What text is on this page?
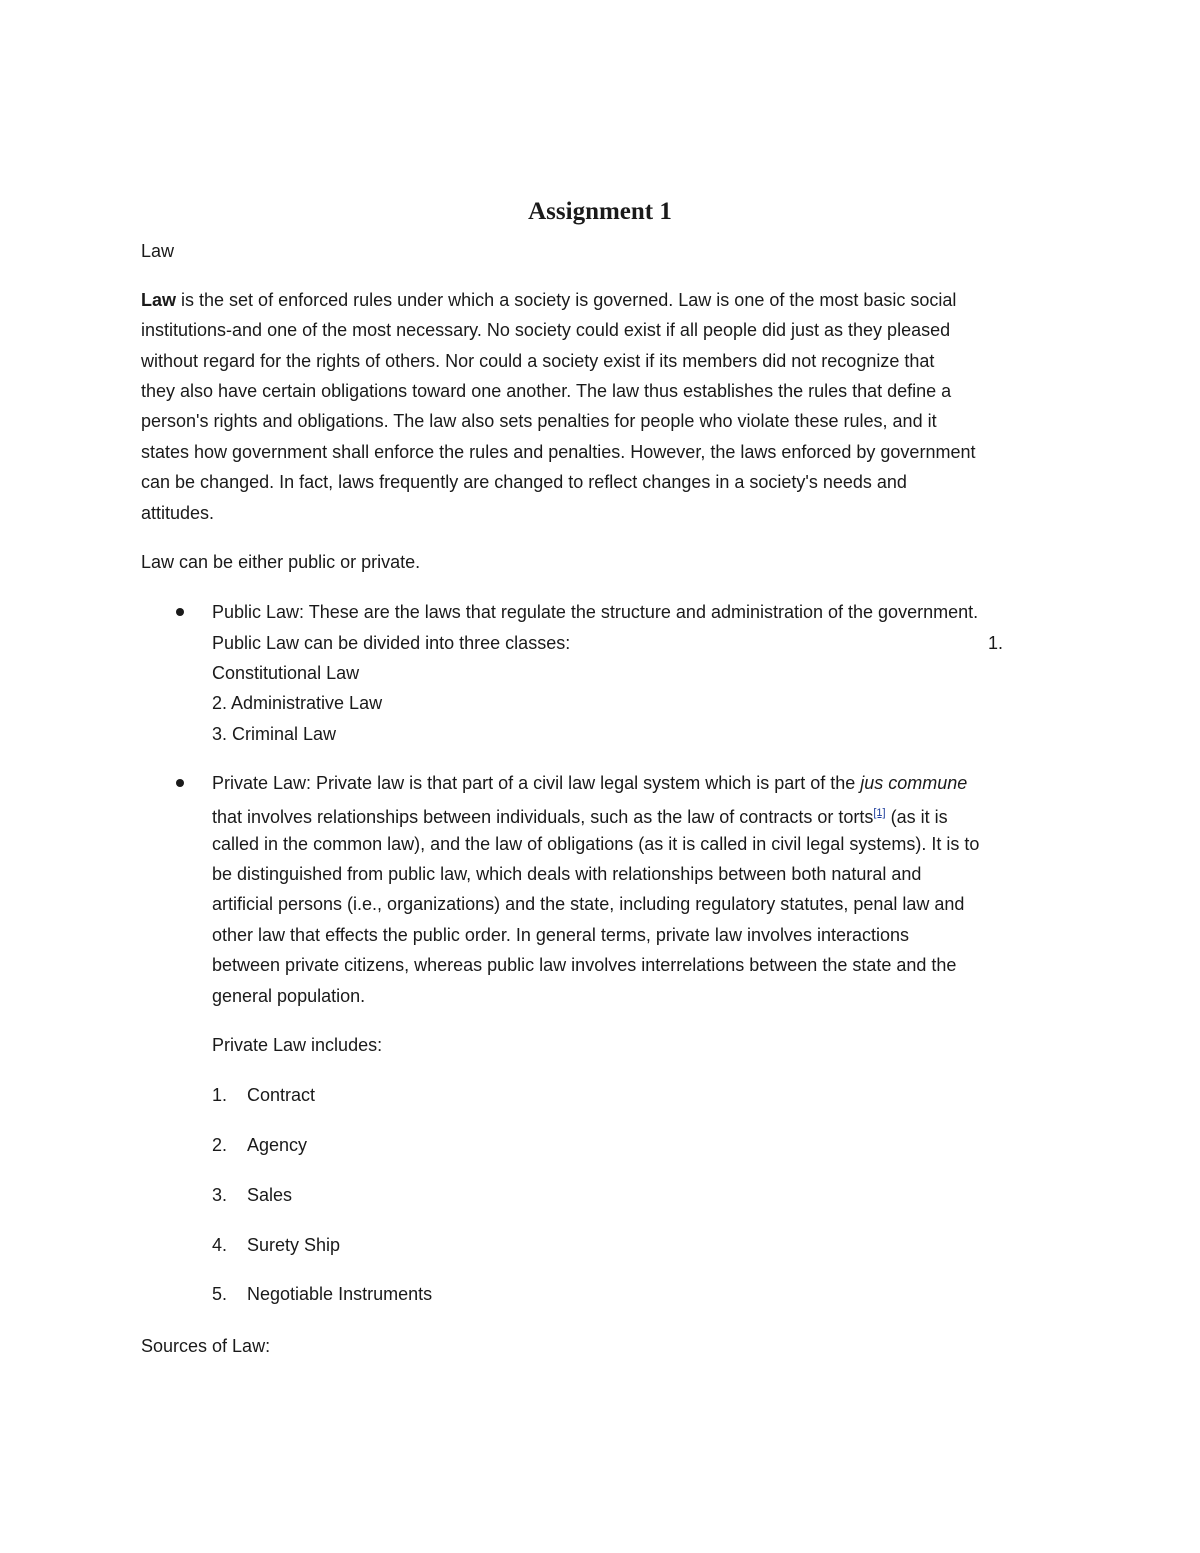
Assignment 1
Law
Law is the set of enforced rules under which a society is governed. Law is one of the most basic social
institutions-and one of the most necessary. No society could exist if all people did just as they pleased
without regard for the rights of others. Nor could a society exist if its members did not recognize that
they also have certain obligations toward one another. The law thus establishes the rules that define a
person's rights and obligations. The law also sets penalties for people who violate these rules, and it
states how government shall enforce the rules and penalties. However, the laws enforced by government
can be changed. In fact, laws frequently are changed to reflect changes in a society's needs and
attitudes.
Law can be either public or private.
Public Law: These are the laws that regulate the structure and administration of the government.
Public Law can be divided into three classes:	1.
Constitutional Law
2. Administrative Law
3. Criminal Law
Private Law: Private law is that part of a civil law legal system which is part of the jus commune
that involves relationships between individuals, such as the law of contracts or torts[1] (as it is
called in the common law), and the law of obligations (as it is called in civil legal systems). It is to
be distinguished from public law, which deals with relationships between both natural and
artificial persons (i.e., organizations) and the state, including regulatory statutes, penal law and
other law that effects the public order. In general terms, private law involves interactions
between private citizens, whereas public law involves interrelations between the state and the
general population.
Private Law includes:
1. Contract
2. Agency
3. Sales
4. Surety Ship
5. Negotiable Instruments
Sources of Law:
